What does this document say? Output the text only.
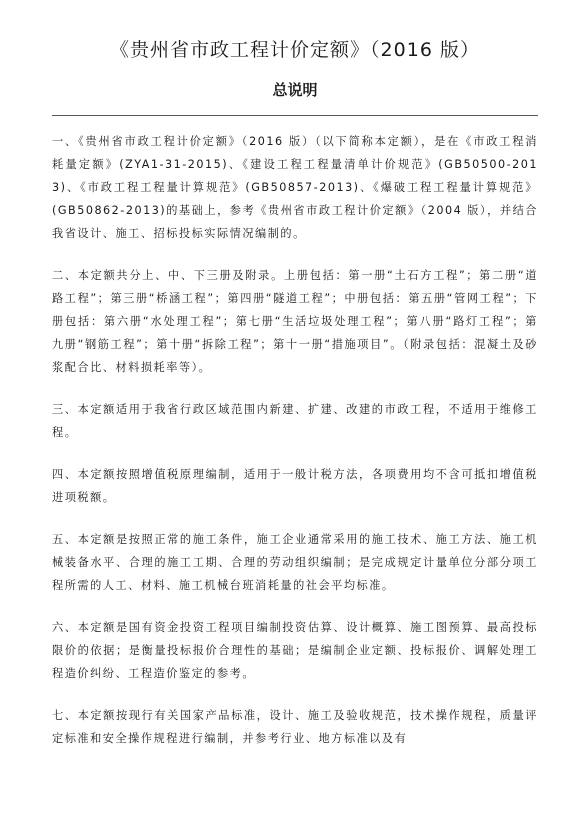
《贵州省市政工程计价定额》（2016 版）
总说明

一、《贵州省市政工程计价定额》（2016 版）（以下简称本定额），是在《市政工程消耗量定额》(ZYA1-31-2015)、《建设工程工程量清单计价规范》(GB50500-2013)、《市政工程工程量计算规范》(GB50857-2013)、《爆破工程工程量计算规范》(GB50862-2013)的基础上，参考《贵州省市政工程计价定额》（2004 版），并结合我省设计、施工、招标投标实际情况编制的。

二、本定额共分上、中、下三册及附录。上册包括：第一册“土石方工程”；第二册“道路工程”；第三册“桥涵工程”；第四册“隧道工程”；中册包括：第五册“管网工程”；下册包括：第六册“水处理工程”；第七册“生活垃圾处理工程”；第八册“路灯工程”；第九册“钢筋工程”；第十册“拆除工程”；第十一册“措施项目”。（附录包括：混凝土及砂浆配合比、材料损耗率等）。

三、本定额适用于我省行政区域范围内新建、扩建、改建的市政工程，不适用于维修工程。

四、本定额按照增值税原理编制，适用于一般计税方法，各项费用均不含可抵扣增值税进项税额。

五、本定额是按照正常的施工条件，施工企业通常采用的施工技术、施工方法、施工机械装备水平、合理的施工工期、合理的劳动组织编制；是完成规定计量单位分部分项工程所需的人工、材料、施工机械台班消耗量的社会平均标准。

六、本定额是国有资金投资工程项目编制投资估算、设计概算、施工图预算、最高投标限价的依据；是衡量投标报价合理性的基础；是编制企业定额、投标报价、调解处理工程造价纠纷、工程造价鉴定的参考。

七、本定额按现行有关国家产品标准，设计、施工及验收规范，技术操作规程，质量评定标准和安全操作规程进行编制，并参考行业、地方标准以及有
